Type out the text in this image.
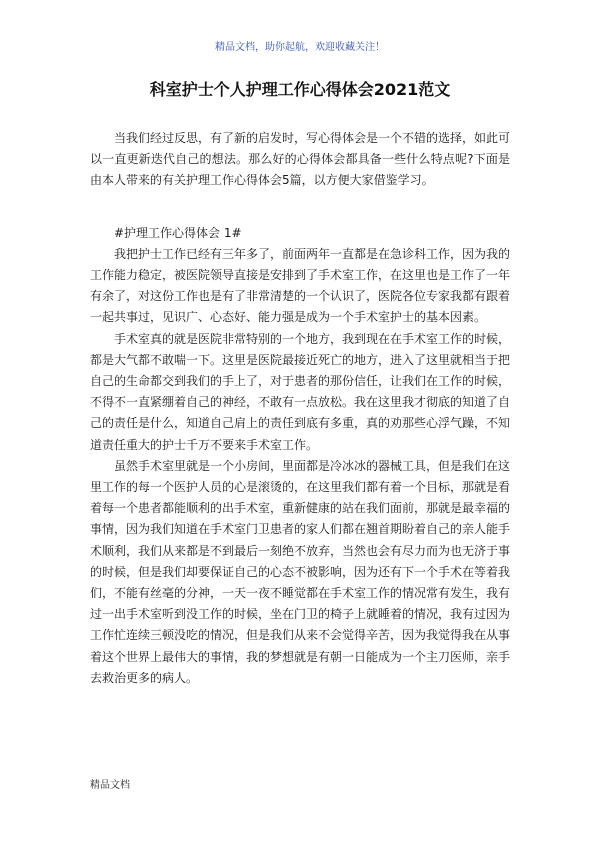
精品文档，助你起航，欢迎收藏关注！
科室护士个人护理工作心得体会2021范文

当我们经过反思，有了新的启发时，写心得体会是一个不错的选择，如此可以一直更新迭代自己的想法。那么好的心得体会都具备一些什么特点呢?下面是由本人带来的有关护理工作心得体会5篇，以方便大家借鉴学习。

#护理工作心得体会 1#

我把护士工作已经有三年多了，前面两年一直都是在急诊科工作，因为我的工作能力稳定，被医院领导直接是安排到了手术室工作，在这里也是工作了一年有余了，对这份工作也是有了非常清楚的一个认识了，医院各位专家我都有跟着一起共事过，见识广、心态好、能力强是成为一个手术室护士的基本因素。

手术室真的就是医院非常特别的一个地方，我到现在在手术室工作的时候，都是大气都不敢喘一下。这里是医院最接近死亡的地方，进入了这里就相当于把自己的生命都交到我们的手上了，对于患者的那份信任，让我们在工作的时候，不得不一直紧绷着自己的神经，不敢有一点放松。我在这里我才彻底的知道了自己的责任是什么，知道自己肩上的责任到底有多重，真的劝那些心浮气躁，不知道责任重大的护士千万不要来手术室工作。

虽然手术室里就是一个小房间，里面都是冷冰冰的器械工具，但是我们在这里工作的每一个医护人员的心是滚烫的，在这里我们都有着一个目标，那就是看着每一个患者都能顺利的出手术室，重新健康的站在我们面前，那就是最幸福的事情，因为我们知道在手术室门卫患者的家人们都在翘首期盼着自己的亲人能手术顺利，我们从来都是不到最后一刻绝不放弃，当然也会有尽力而为也无济于事的时候，但是我们却要保证自己的心态不被影响，因为还有下一个手术在等着我们，不能有丝毫的分神，一天一夜不睡觉都在手术室工作的情况常有发生，我有过一出手术室听到没工作的时候，坐在门卫的椅子上就睡着的情况，我有过因为工作忙连续三顿没吃的情况，但是我们从来不会觉得辛苦，因为我觉得我在从事着这个世界上最伟大的事情，我的梦想就是有朝一日能成为一个主刀医师，亲手去救治更多的病人。

精品文档
